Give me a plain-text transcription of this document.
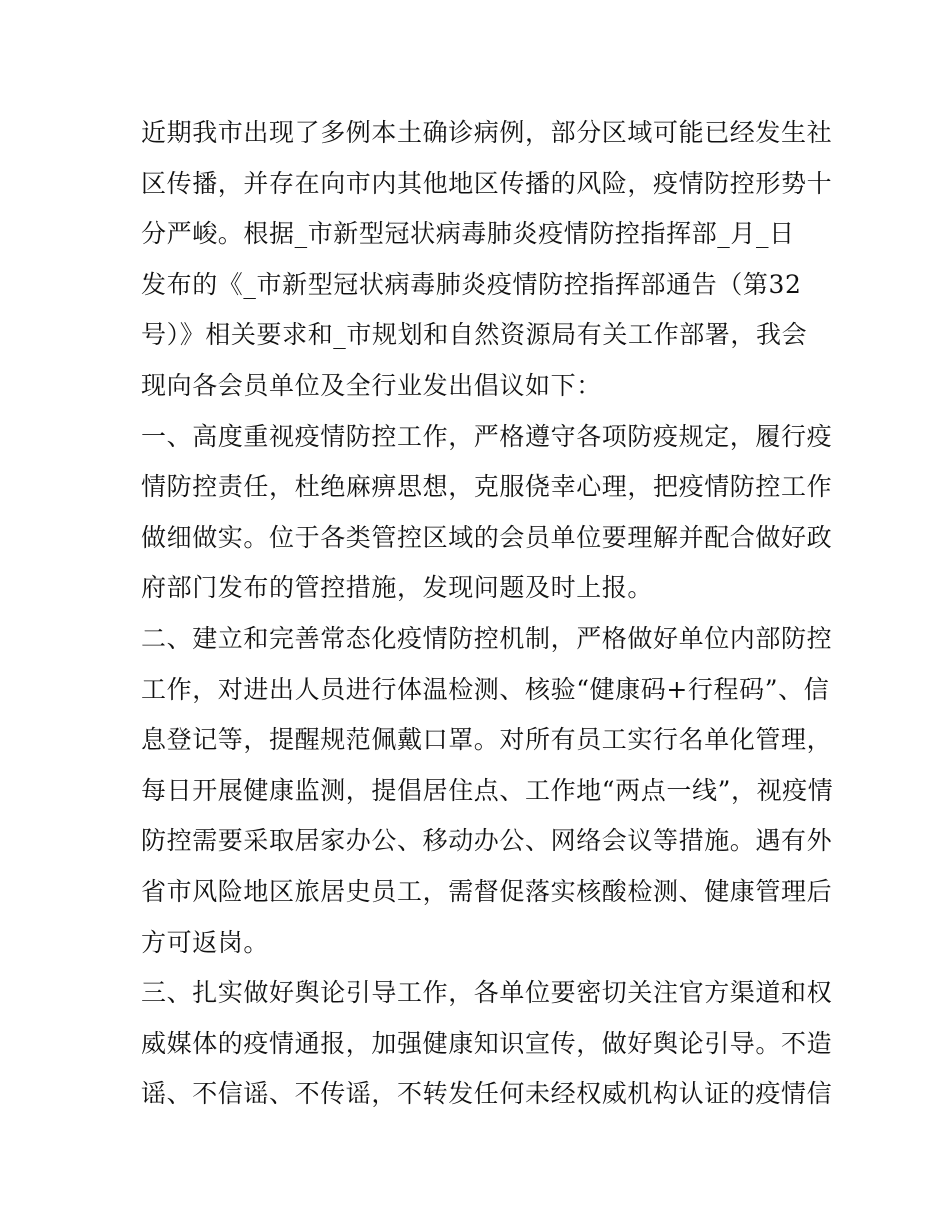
近期我市出现了多例本土确诊病例，部分区域可能已经发生社
区传播，并存在向市内其他地区传播的风险，疫情防控形势十
分严峻。根据_市新型冠状病毒肺炎疫情防控指挥部_月_日
发布的《_市新型冠状病毒肺炎疫情防控指挥部通告（第32
号）》相关要求和_市规划和自然资源局有关工作部署，我会
现向各会员单位及全行业发出倡议如下：
一、高度重视疫情防控工作，严格遵守各项防疫规定，履行疫
情防控责任，杜绝麻痹思想，克服侥幸心理，把疫情防控工作
做细做实。位于各类管控区域的会员单位要理解并配合做好政
府部门发布的管控措施，发现问题及时上报。
二、建立和完善常态化疫情防控机制，严格做好单位内部防控
工作，对进出人员进行体温检测、核验“健康码+行程码”、信
息登记等，提醒规范佩戴口罩。对所有员工实行名单化管理，
每日开展健康监测，提倡居住点、工作地“两点一线”，视疫情
防控需要采取居家办公、移动办公、网络会议等措施。遇有外
省市风险地区旅居史员工，需督促落实核酸检测、健康管理后
方可返岗。
三、扎实做好舆论引导工作，各单位要密切关注官方渠道和权
威媒体的疫情通报，加强健康知识宣传，做好舆论引导。不造
谣、不信谣、不传谣，不转发任何未经权威机构认证的疫情信
